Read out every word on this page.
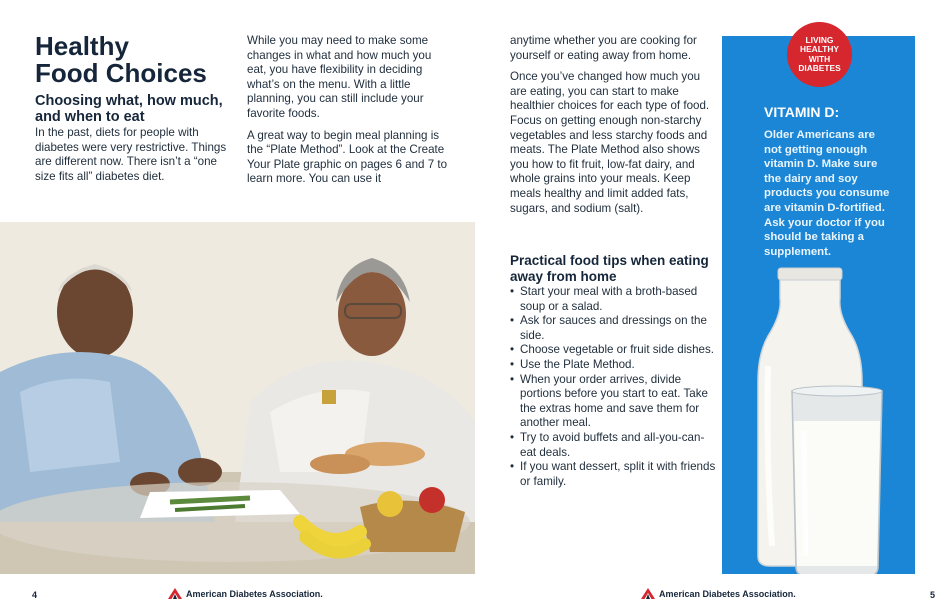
Healthy
Food Choices
Choosing what, how much, and when to eat

In the past, diets for people with diabetes were very restrictive. Things are different now. There isn’t a “one size fits all” diabetes diet.

While you may need to make some changes in what and how much you eat, you have flexibility in deciding what’s on the menu. With a little planning, you can still include your favorite foods.

A great way to begin meal planning is the “Plate Method”. Look at the Create Your Plate graphic on pages 6 and 7 to learn more. You can use it

4	American Diabetes Association.

anytime whether you are cooking for yourself or eating away from home.

Once you’ve changed how much you are eating, you can start to make healthier choices for each type of food. Focus on getting enough non-starchy vegetables and less starchy foods and meats. The Plate Method also shows you how to fit fruit, low-fat dairy, and whole grains into your meals. Keep meals healthy and limit added fats, sugars, and sodium (salt).

Practical food tips when eating away from home
• Start your meal with a broth-based soup or a salad.
• Ask for sauces and dressings on the side.
• Choose vegetable or fruit side dishes.
• Use the Plate Method.
• When your order arrives, divide portions before you start to eat. Take the extras home and save them for another meal.
• Try to avoid buffets and all-you-can-eat deals.
• If you want dessert, split it with friends or family.
LIVING
HEALTHY
WITH
DIABETES
VITAMIN D:

Older Americans are not getting enough vitamin D. Make sure the dairy and soy products you consume are vitamin D-fortified. Ask your doctor if you should be taking a supplement.

American Diabetes Association.	5
